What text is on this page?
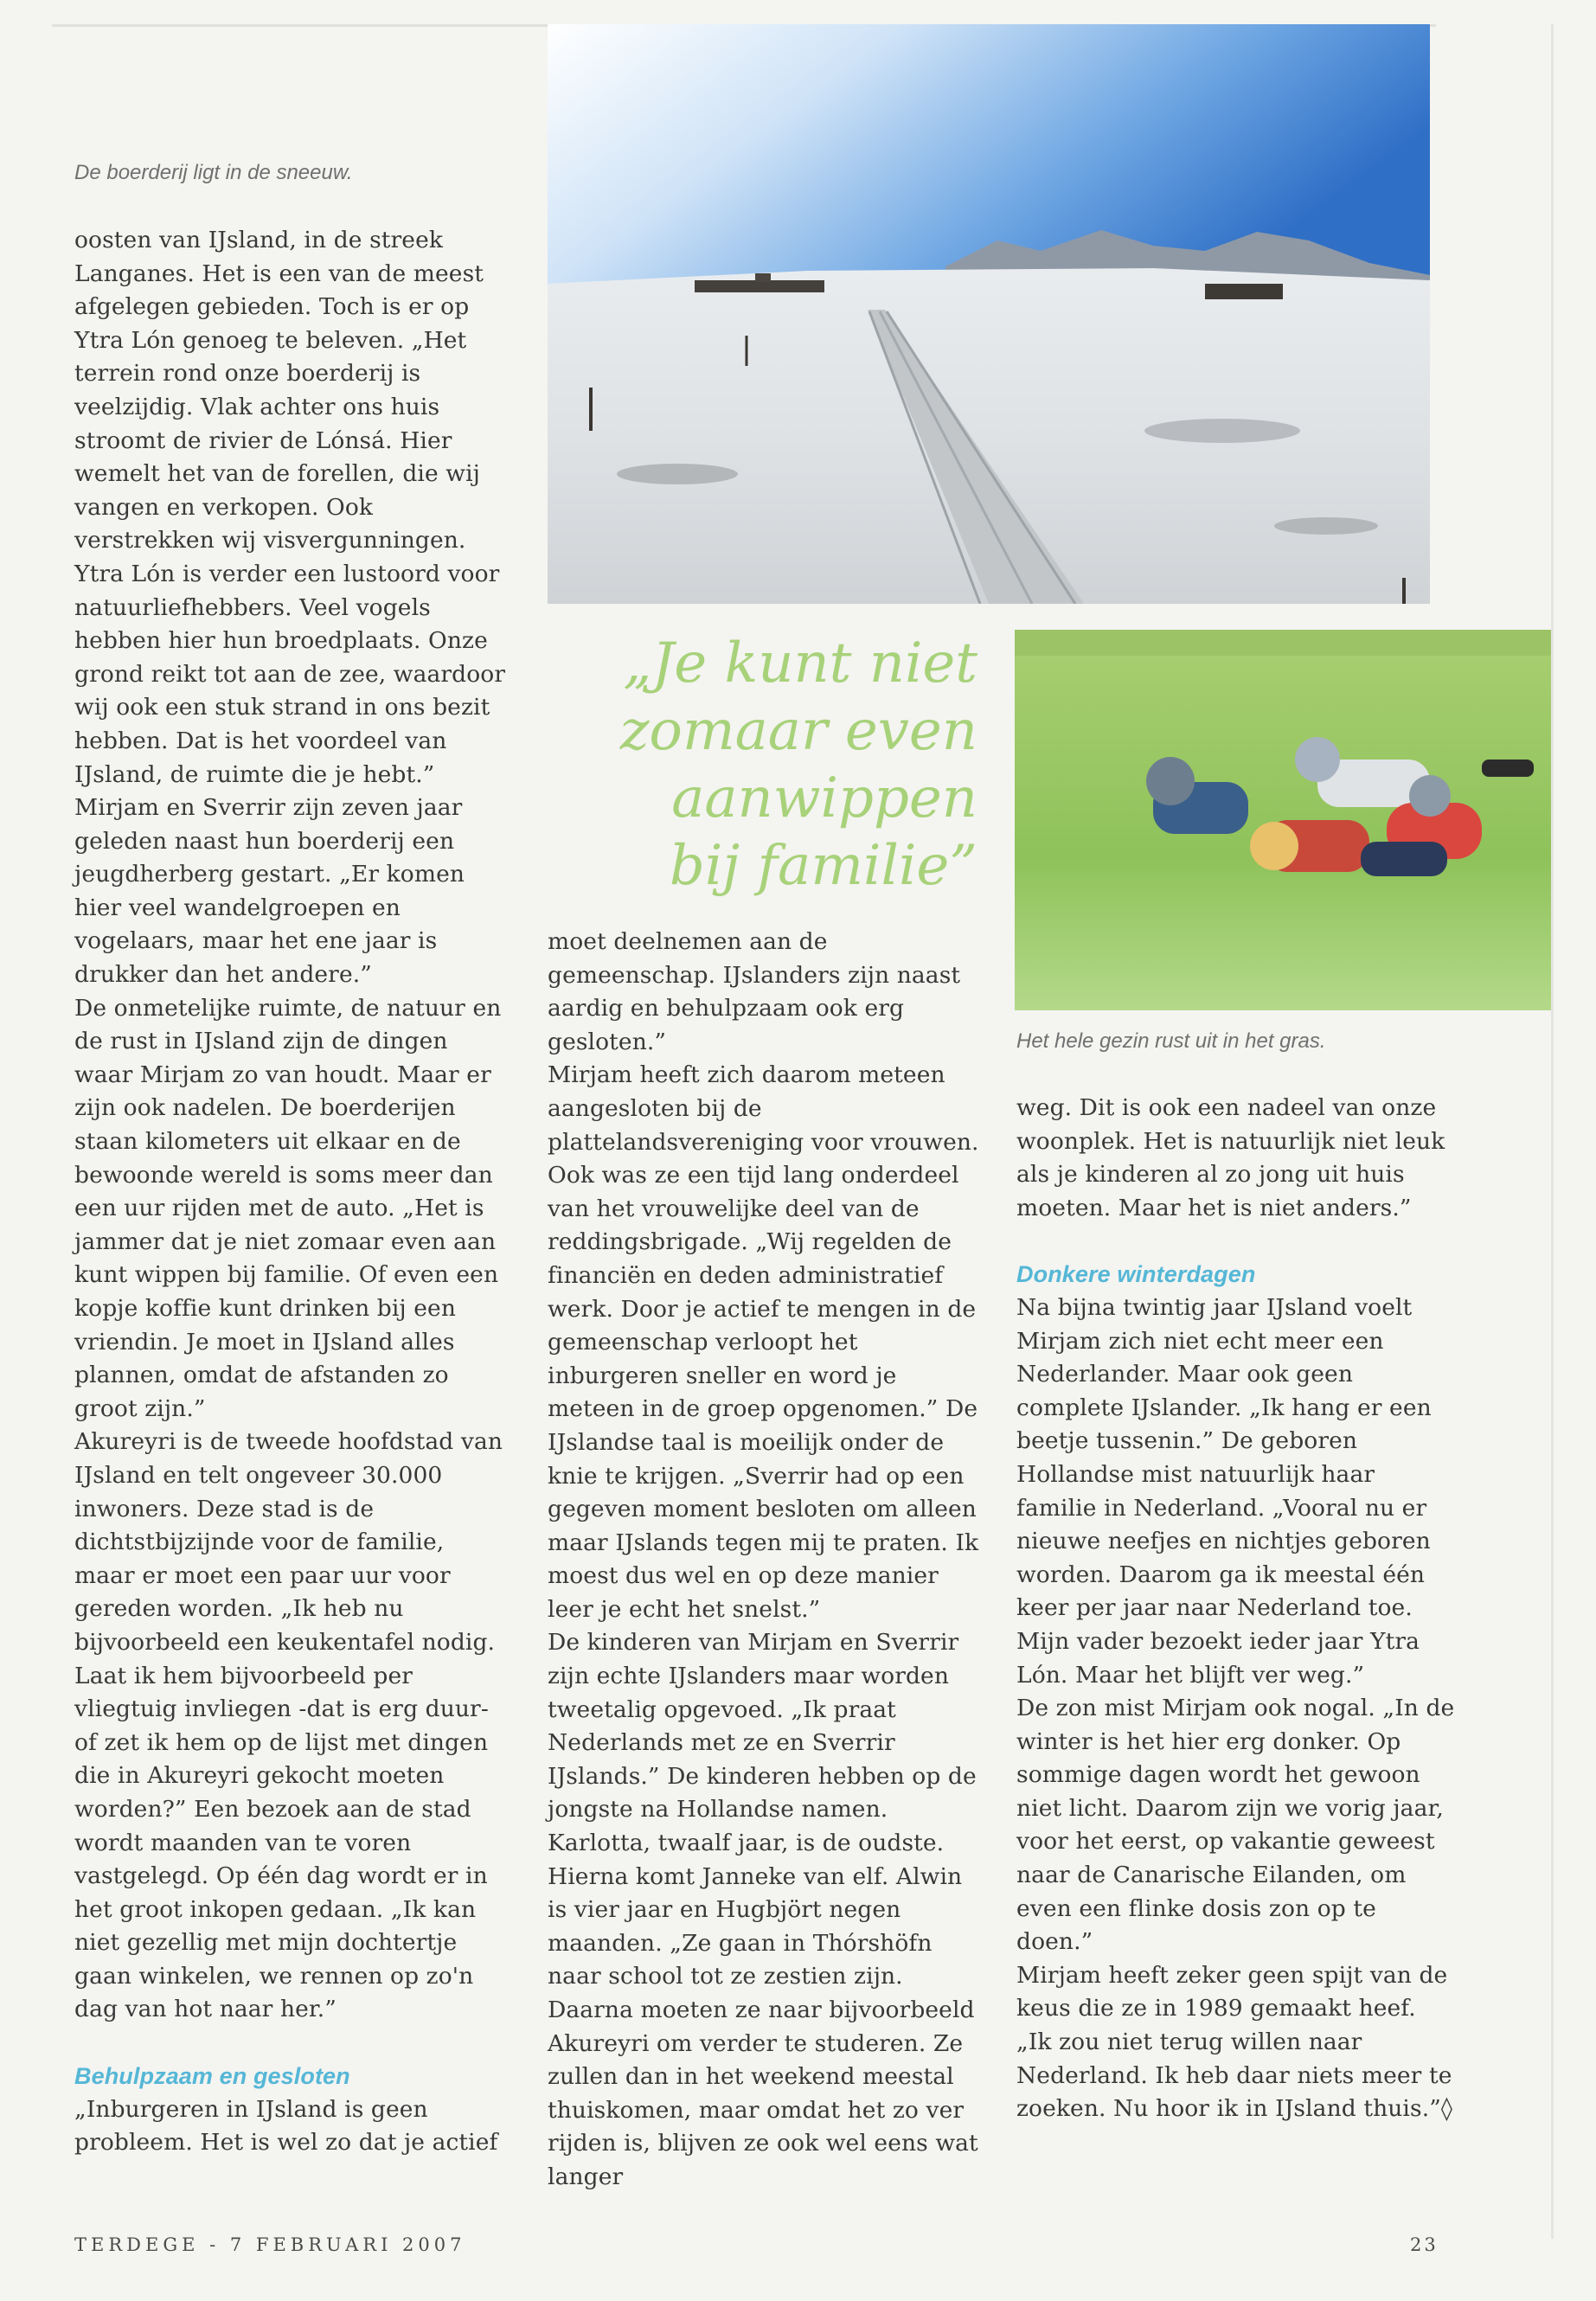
De boerderij ligt in de sneeuw.
Het hele gezin rust uit in het gras.
„Je kunt niet zomaar even aanwippen bij familie”

oosten van IJsland, in de streek Langanes. Het is een van de meest afgelegen gebieden. Toch is er op Ytra Lón genoeg te beleven. „Het terrein rond onze boerderij is veelzijdig. Vlak achter ons huis stroomt de rivier de Lónsá. Hier wemelt het van de forellen, die wij vangen en verkopen. Ook verstrekken wij visvergunningen. Ytra Lón is verder een lustoord voor natuurliefhebbers. Veel vogels hebben hier hun broedplaats. Onze grond reikt tot aan de zee, waardoor wij ook een stuk strand in ons bezit hebben. Dat is het voordeel van IJsland, de ruimte die je hebt.”

Mirjam en Sverrir zijn zeven jaar geleden naast hun boerderij een jeugdherberg gestart. „Er komen hier veel wandelgroepen en vogelaars, maar het ene jaar is drukker dan het andere.”

De onmetelijke ruimte, de natuur en de rust in IJsland zijn de dingen waar Mirjam zo van houdt. Maar er zijn ook nadelen. De boerderijen staan kilometers uit elkaar en de bewoonde wereld is soms meer dan een uur rijden met de auto. „Het is jammer dat je niet zomaar even aan kunt wippen bij familie. Of even een kopje koffie kunt drinken bij een vriendin. Je moet in IJsland alles plannen, omdat de afstanden zo groot zijn.”

Akureyri is de tweede hoofdstad van IJsland en telt ongeveer 30.000 inwoners. Deze stad is de dichtstbijzijnde voor de familie, maar er moet een paar uur voor gereden worden. „Ik heb nu bijvoorbeeld een keukentafel nodig. Laat ik hem bijvoorbeeld per vliegtuig invliegen -dat is erg duur- of zet ik hem op de lijst met dingen die in Akureyri gekocht moeten worden?” Een bezoek aan de stad wordt maanden van te voren vastgelegd. Op één dag wordt er in het groot inkopen gedaan. „Ik kan niet gezellig met mijn dochtertje gaan winkelen, we rennen op zo'n dag van hot naar her.”

Behulpzaam en gesloten

„Inburgeren in IJsland is geen probleem. Het is wel zo dat je actief

moet deelnemen aan de gemeenschap. IJslanders zijn naast aardig en behulpzaam ook erg gesloten.”

Mirjam heeft zich daarom meteen aangesloten bij de plattelandsvereniging voor vrouwen. Ook was ze een tijd lang onderdeel van het vrouwelijke deel van de reddingsbrigade. „Wij regelden de financiën en deden administratief werk. Door je actief te mengen in de gemeenschap verloopt het inburgeren sneller en word je meteen in de groep opgenomen.” De IJslandse taal is moeilijk onder de knie te krijgen. „Sverrir had op een gegeven moment besloten om alleen maar IJslands tegen mij te praten. Ik moest dus wel en op deze manier leer je echt het snelst.”

De kinderen van Mirjam en Sverrir zijn echte IJslanders maar worden tweetalig opgevoed. „Ik praat Nederlands met ze en Sverrir IJslands.” De kinderen hebben op de jongste na Hollandse namen. Karlotta, twaalf jaar, is de oudste. Hierna komt Janneke van elf. Alwin is vier jaar en Hugbjört negen maanden. „Ze gaan in Thórshöfn naar school tot ze zestien zijn. Daarna moeten ze naar bijvoorbeeld Akureyri om verder te studeren. Ze zullen dan in het weekend meestal thuiskomen, maar omdat het zo ver rijden is, blijven ze ook wel eens wat langer

weg. Dit is ook een nadeel van onze woonplek. Het is natuurlijk niet leuk als je kinderen al zo jong uit huis moeten. Maar het is niet anders.”

Donkere winterdagen

Na bijna twintig jaar IJsland voelt Mirjam zich niet echt meer een Nederlander. Maar ook geen complete IJslander. „Ik hang er een beetje tussenin.” De geboren Hollandse mist natuurlijk haar familie in Nederland. „Vooral nu er nieuwe neefjes en nichtjes geboren worden. Daarom ga ik meestal één keer per jaar naar Nederland toe. Mijn vader bezoekt ieder jaar Ytra Lón. Maar het blijft ver weg.”

De zon mist Mirjam ook nogal. „In de winter is het hier erg donker. Op sommige dagen wordt het gewoon niet licht. Daarom zijn we vorig jaar, voor het eerst, op vakantie geweest naar de Canarische Eilanden, om even een flinke dosis zon op te doen.”

Mirjam heeft zeker geen spijt van de keus die ze in 1989 gemaakt heef. „Ik zou niet terug willen naar Nederland. Ik heb daar niets meer te zoeken. Nu hoor ik in IJsland thuis.”◊

TERDEGE - 7 FEBRUARI 2007	23
